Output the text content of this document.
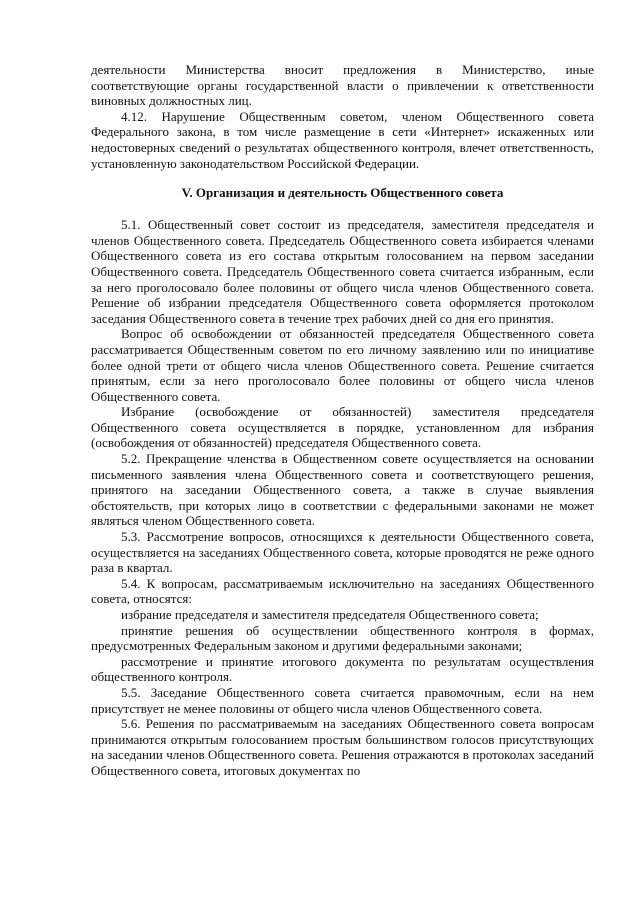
деятельности Министерства вносит предложения в Министерство, иные соответствующие органы государственной власти о привлечении к ответственности виновных должностных лиц.

4.12. Нарушение Общественным советом, членом Общественного совета Федерального закона, в том числе размещение в сети «Интернет» искаженных или недостоверных сведений о результатах общественного контроля, влечет ответственность, установленную законодательством Российской Федерации.

V. Организация и деятельность Общественного совета

5.1. Общественный совет состоит из председателя, заместителя председателя и членов Общественного совета. Председатель Общественного совета избирается членами Общественного совета из его состава открытым голосованием на первом заседании Общественного совета. Председатель Общественного совета считается избранным, если за него проголосовало более половины от общего числа членов Общественного совета. Решение об избрании председателя Общественного совета оформляется протоколом заседания Общественного совета в течение трех рабочих дней со дня его принятия.

Вопрос об освобождении от обязанностей председателя Общественного совета рассматривается Общественным советом по его личному заявлению или по инициативе более одной трети от общего числа членов Общественного совета. Решение считается принятым, если за него проголосовало более половины от общего числа членов Общественного совета.

Избрание (освобождение от обязанностей) заместителя председателя Общественного совета осуществляется в порядке, установленном для избрания (освобождения от обязанностей) председателя Общественного совета.

5.2. Прекращение членства в Общественном совете осуществляется на основании письменного заявления члена Общественного совета и соответствующего решения, принятого на заседании Общественного совета, а также в случае выявления обстоятельств, при которых лицо в соответствии с федеральными законами не может являться членом Общественного совета.

5.3. Рассмотрение вопросов, относящихся к деятельности Общественного совета, осуществляется на заседаниях Общественного совета, которые проводятся не реже одного раза в квартал.

5.4. К вопросам, рассматриваемым исключительно на заседаниях Общественного совета, относятся:

избрание председателя и заместителя председателя Общественного совета;

принятие решения об осуществлении общественного контроля в формах, предусмотренных Федеральным законом и другими федеральными законами;

рассмотрение и принятие итогового документа по результатам осуществления общественного контроля.

5.5. Заседание Общественного совета считается правомочным, если на нем присутствует не менее половины от общего числа членов Общественного совета.

5.6. Решения по рассматриваемым на заседаниях Общественного совета вопросам принимаются открытым голосованием простым большинством голосов присутствующих на заседании членов Общественного совета. Решения отражаются в протоколах заседаний Общественного совета, итоговых документах по
